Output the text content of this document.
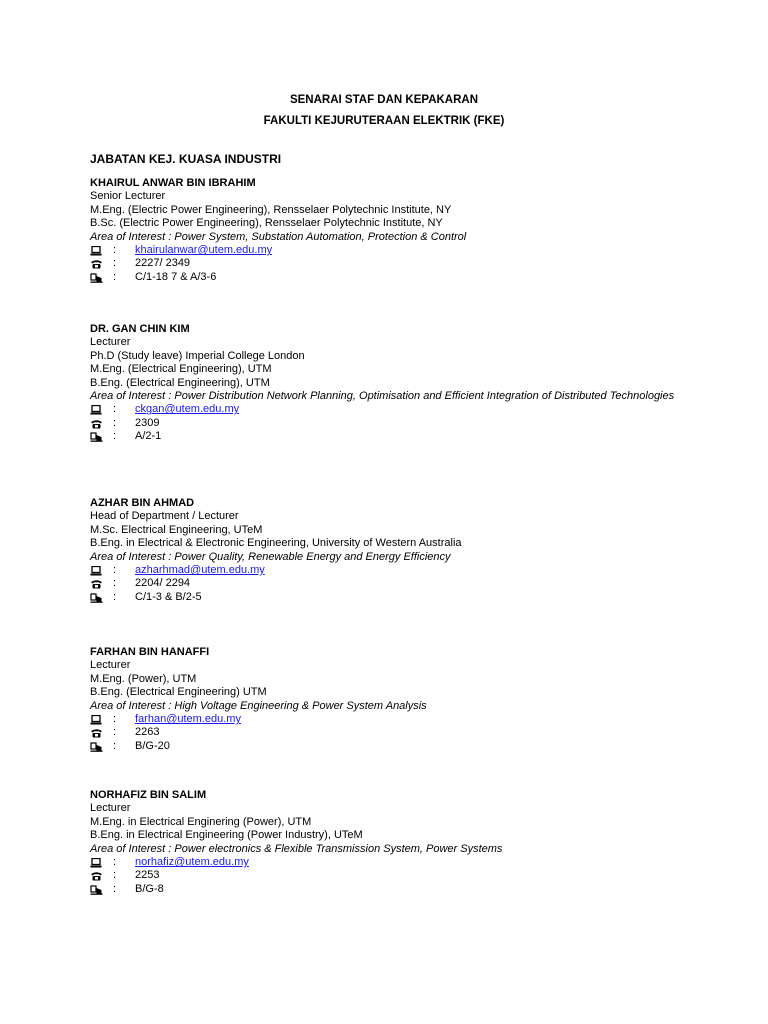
SENARAI STAF DAN KEPAKARAN
FAKULTI KEJURUTERAAN ELEKTRIK (FKE)
JABATAN KEJ. KUASA INDUSTRI
KHAIRUL ANWAR BIN IBRAHIM
Senior Lecturer
M.Eng. (Electric Power Engineering), Rensselaer Polytechnic Institute, NY
B.Sc. (Electric Power Engineering), Rensselaer Polytechnic Institute, NY
Area of Interest : Power System, Substation Automation, Protection & Control
: khairulanwar@utem.edu.my
: 2227/ 2349
: C/1-18 7 & A/3-6
DR. GAN CHIN KIM
Lecturer
Ph.D (Study leave) Imperial College London
M.Eng. (Electrical Engineering), UTM
B.Eng. (Electrical Engineering), UTM
Area of Interest : Power Distribution Network Planning, Optimisation and Efficient Integration of Distributed Technologies
: ckgan@utem.edu.my
: 2309
: A/2-1
AZHAR BIN AHMAD
Head of Department / Lecturer
M.Sc. Electrical Engineering, UTeM
B.Eng. in Electrical & Electronic Engineering, University of Western Australia
Area of Interest : Power Quality, Renewable Energy and Energy Efficiency
: azharhmad@utem.edu.my
: 2204/ 2294
: C/1-3 & B/2-5
FARHAN BIN HANAFFI
Lecturer
M.Eng. (Power), UTM
B.Eng. (Electrical Engineering) UTM
Area of Interest : High Voltage Engineering & Power System Analysis
: farhan@utem.edu.my
: 2263
: B/G-20
NORHAFIZ BIN SALIM
Lecturer
M.Eng. in Electrical Enginering (Power), UTM
B.Eng. in Electrical Engineering (Power Industry), UTeM
Area of Interest : Power electronics & Flexible Transmission System, Power Systems
: norhafiz@utem.edu.my
: 2253
: B/G-8
